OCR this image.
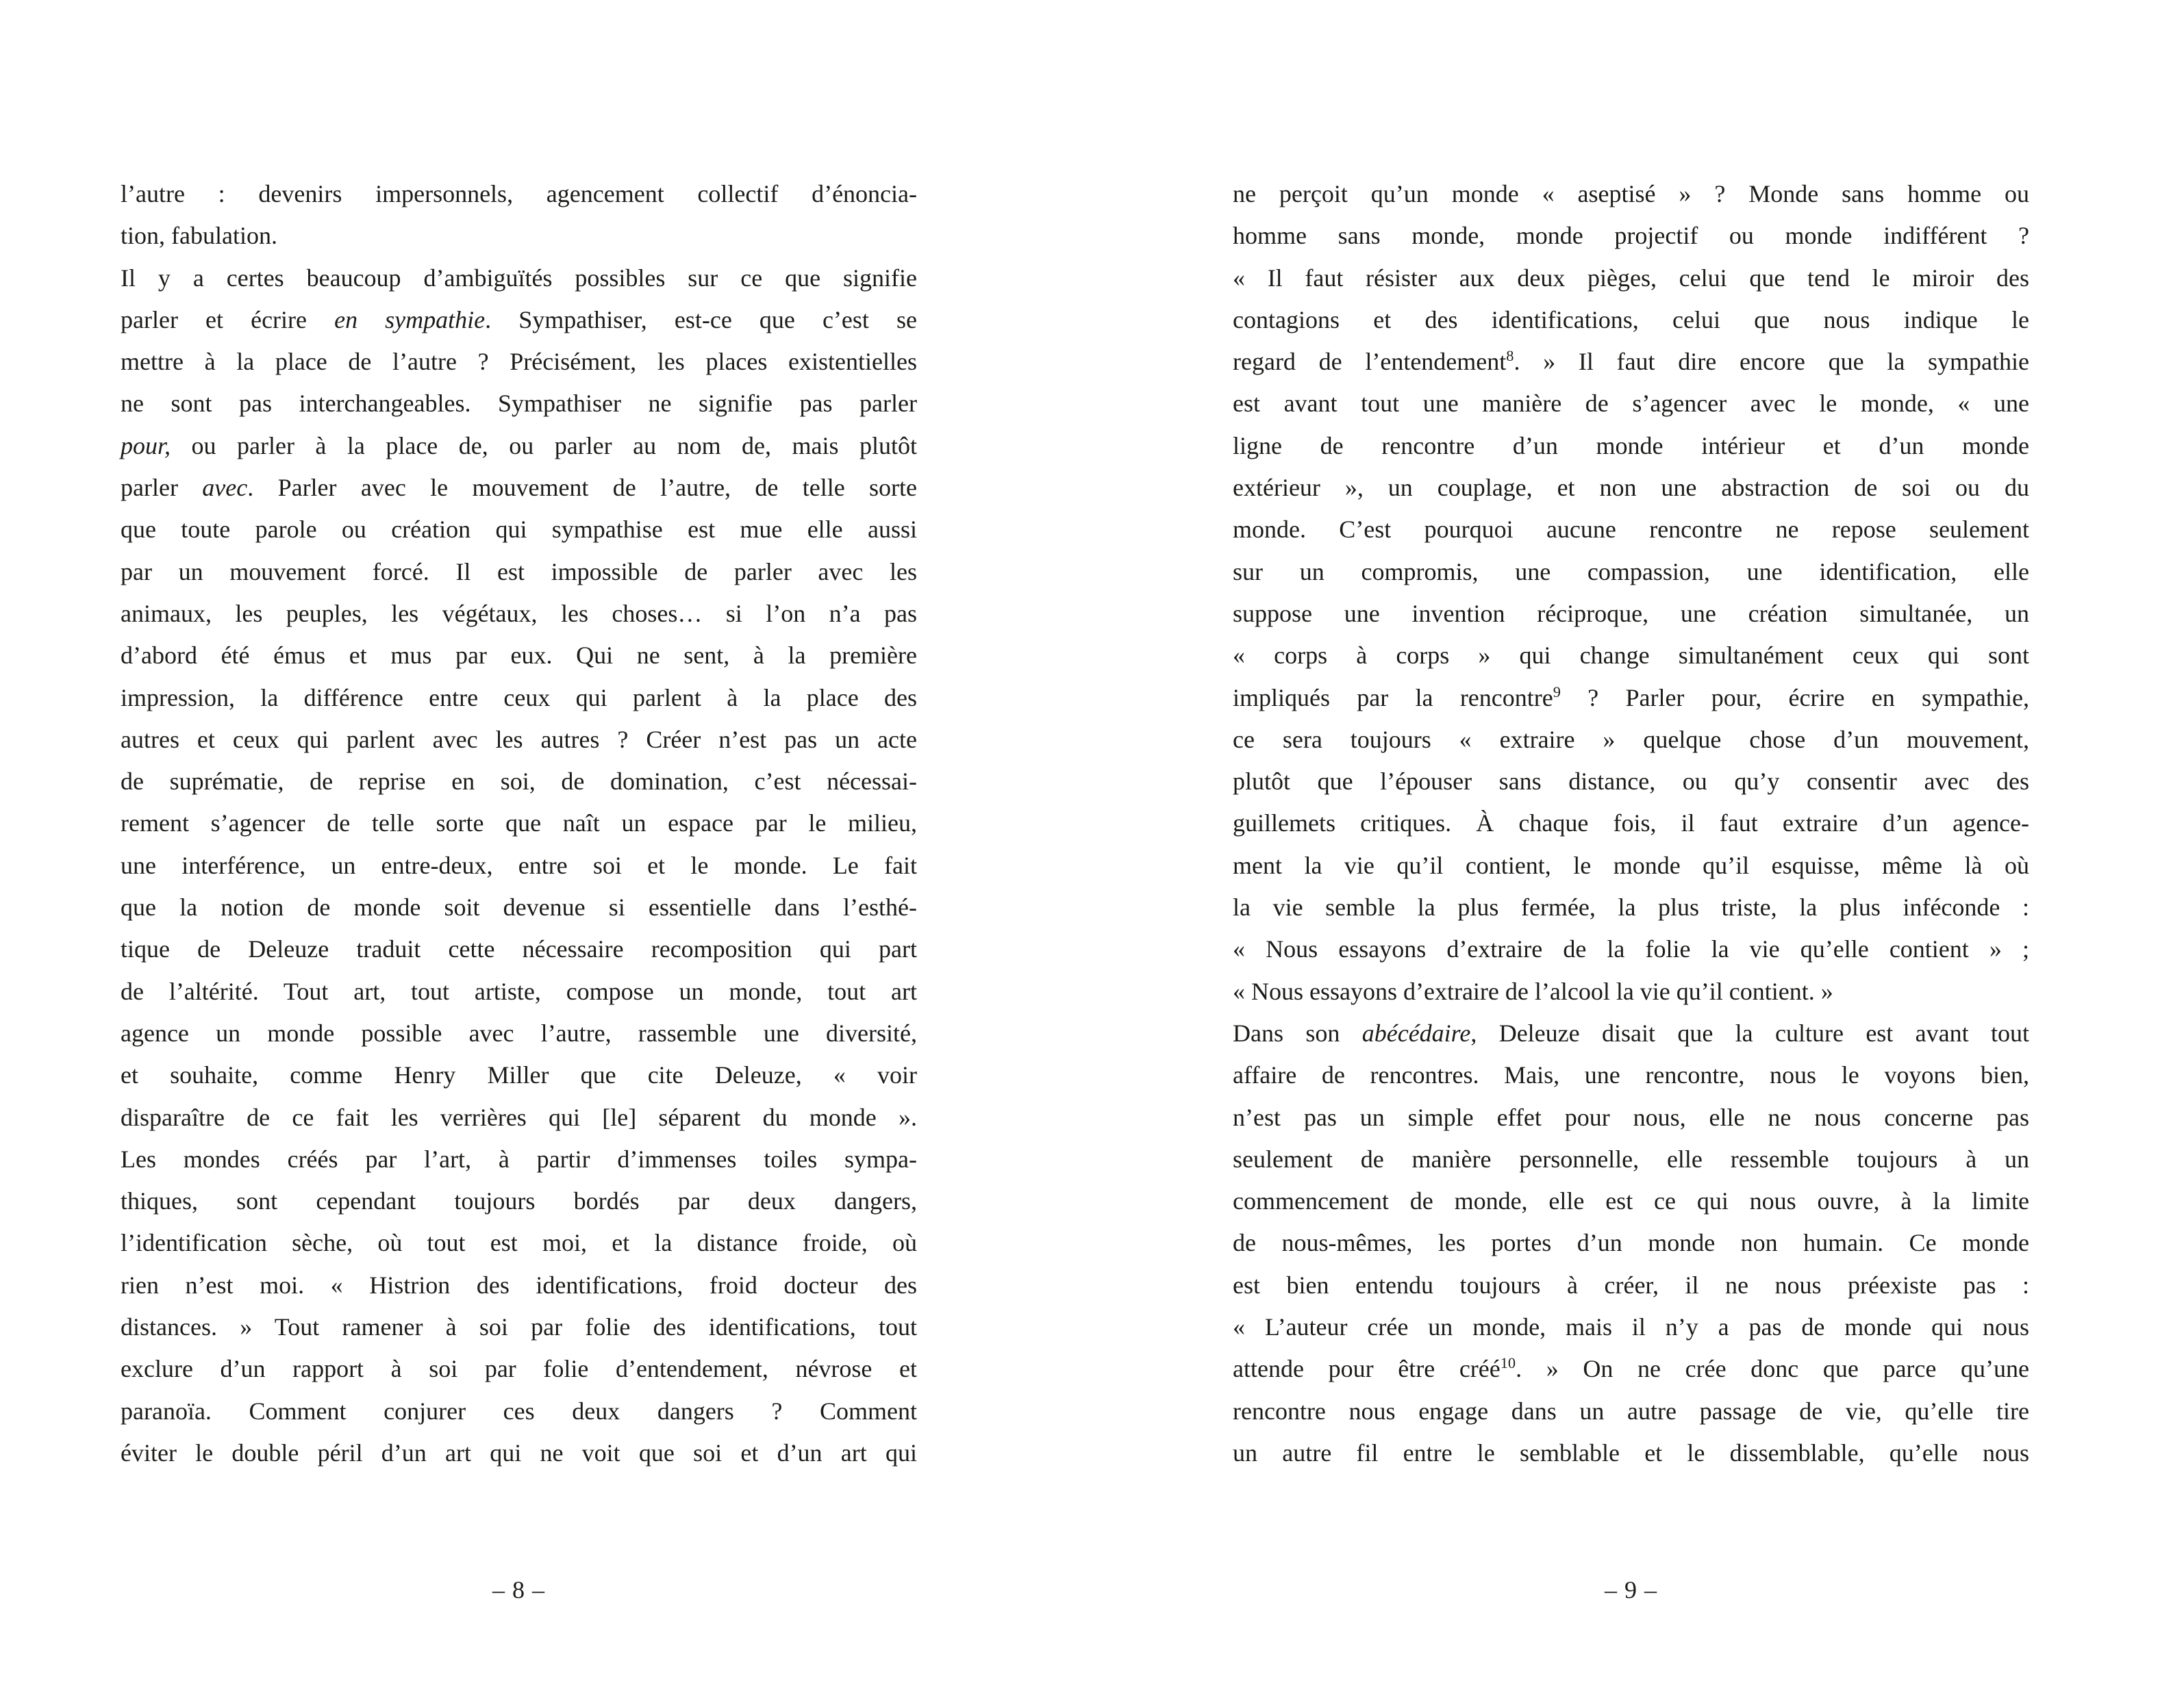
l’autre : devenirs impersonnels, agencement collectif d’énoncia-
tion, fabulation.
Il y a certes beaucoup d’ambiguïtés possibles sur ce que signifie
parler et écrire en sympathie. Sympathiser, est-ce que c’est se
mettre à la place de l’autre ? Précisément, les places existentielles
ne sont pas interchangeables. Sympathiser ne signifie pas parler
pour, ou parler à la place de, ou parler au nom de, mais plutôt
parler avec. Parler avec le mouvement de l’autre, de telle sorte
que toute parole ou création qui sympathise est mue elle aussi
par un mouvement forcé. Il est impossible de parler avec les
animaux, les peuples, les végétaux, les choses… si l’on n’a pas
d’abord été émus et mus par eux. Qui ne sent, à la première
impression, la différence entre ceux qui parlent à la place des
autres et ceux qui parlent avec les autres ? Créer n’est pas un acte
de suprématie, de reprise en soi, de domination, c’est nécessai-
rement s’agencer de telle sorte que naît un espace par le milieu,
une interférence, un entre-deux, entre soi et le monde. Le fait
que la notion de monde soit devenue si essentielle dans l’esthé-
tique de Deleuze traduit cette nécessaire recomposition qui part
de l’altérité. Tout art, tout artiste, compose un monde, tout art
agence un monde possible avec l’autre, rassemble une diversité,
et souhaite, comme Henry Miller que cite Deleuze, « voir
disparaître de ce fait les verrières qui [le] séparent du monde ».
Les mondes créés par l’art, à partir d’immenses toiles sympa-
thiques, sont cependant toujours bordés par deux dangers,
l’identification sèche, où tout est moi, et la distance froide, où
rien n’est moi. « Histrion des identifications, froid docteur des
distances. » Tout ramener à soi par folie des identifications, tout
exclure d’un rapport à soi par folie d’entendement, névrose et
paranoïa. Comment conjurer ces deux dangers ? Comment
éviter le double péril d’un art qui ne voit que soi et d’un art qui
– 8 –
ne perçoit qu’un monde « aseptisé » ? Monde sans homme ou
homme sans monde, monde projectif ou monde indifférent ?
« Il faut résister aux deux pièges, celui que tend le miroir des
contagions et des identifications, celui que nous indique le
regard de l’entendement$^8$. » Il faut dire encore que la sympathie
est avant tout une manière de s’agencer avec le monde, « une
ligne de rencontre d’un monde intérieur et d’un monde
extérieur », un couplage, et non une abstraction de soi ou du
monde. C’est pourquoi aucune rencontre ne repose seulement
sur un compromis, une compassion, une identification, elle
suppose une invention réciproque, une création simultanée, un
« corps à corps » qui change simultanément ceux qui sont
impliqués par la rencontre$^9$ ? Parler pour, écrire en sympathie,
ce sera toujours « extraire » quelque chose d’un mouvement,
plutôt que l’épouser sans distance, ou qu’y consentir avec des
guillemets critiques. À chaque fois, il faut extraire d’un agence-
ment la vie qu’il contient, le monde qu’il esquisse, même là où
la vie semble la plus fermée, la plus triste, la plus inféconde :
« Nous essayons d’extraire de la folie la vie qu’elle contient » ;
« Nous essayons d’extraire de l’alcool la vie qu’il contient. »
Dans son abécédaire, Deleuze disait que la culture est avant tout
affaire de rencontres. Mais, une rencontre, nous le voyons bien,
n’est pas un simple effet pour nous, elle ne nous concerne pas
seulement de manière personnelle, elle ressemble toujours à un
commencement de monde, elle est ce qui nous ouvre, à la limite
de nous-mêmes, les portes d’un monde non humain. Ce monde
est bien entendu toujours à créer, il ne nous préexiste pas :
« L’auteur crée un monde, mais il n’y a pas de monde qui nous
attende pour être créé$^{10}$. » On ne crée donc que parce qu’une
rencontre nous engage dans un autre passage de vie, qu’elle tire
un autre fil entre le semblable et le dissemblable, qu’elle nous
– 9 –
